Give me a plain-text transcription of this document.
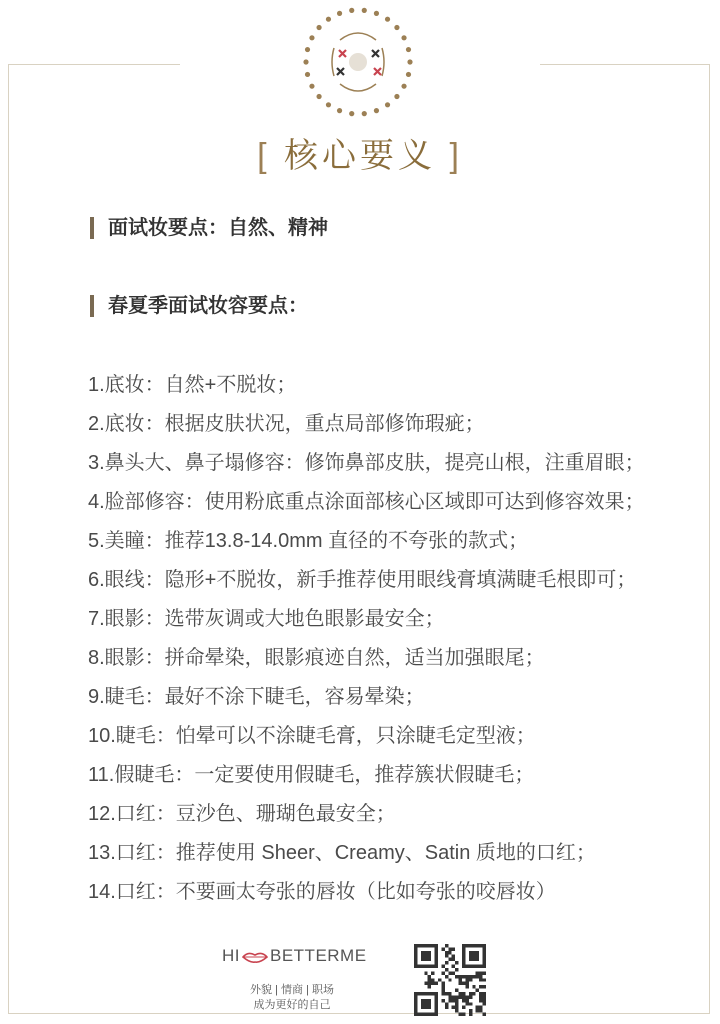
[ 核心要义 ]
面试妆要点：自然、精神
春夏季面试妆容要点：
1.底妆：自然+不脱妆；
2.底妆：根据皮肤状况，重点局部修饰瑕疵；
3.鼻头大、鼻子塌修容：修饰鼻部皮肤，提亮山根，注重眉眼；
4.脸部修容：使用粉底重点涂面部核心区域即可达到修容效果；
5.美瞳：推荐13.8-14.0mm 直径的不夸张的款式；
6.眼线：隐形+不脱妆，新手推荐使用眼线膏填满睫毛根即可；
7.眼影：选带灰调或大地色眼影最安全；
8.眼影：拼命晕染，眼影痕迹自然，适当加强眼尾；
9.睫毛：最好不涂下睫毛，容易晕染；
10.睫毛：怕晕可以不涂睫毛膏，只涂睫毛定型液；
11.假睫毛：一定要使用假睫毛，推荐簇状假睫毛；
12.口红：豆沙色、珊瑚色最安全；
13.口红：推荐使用 Sheer、Creamy、Satin 质地的口红；
14.口红：不要画太夸张的唇妆（比如夸张的咬唇妆）
HI BETTERME
外貌 | 情商 | 职场
成为更好的自己
